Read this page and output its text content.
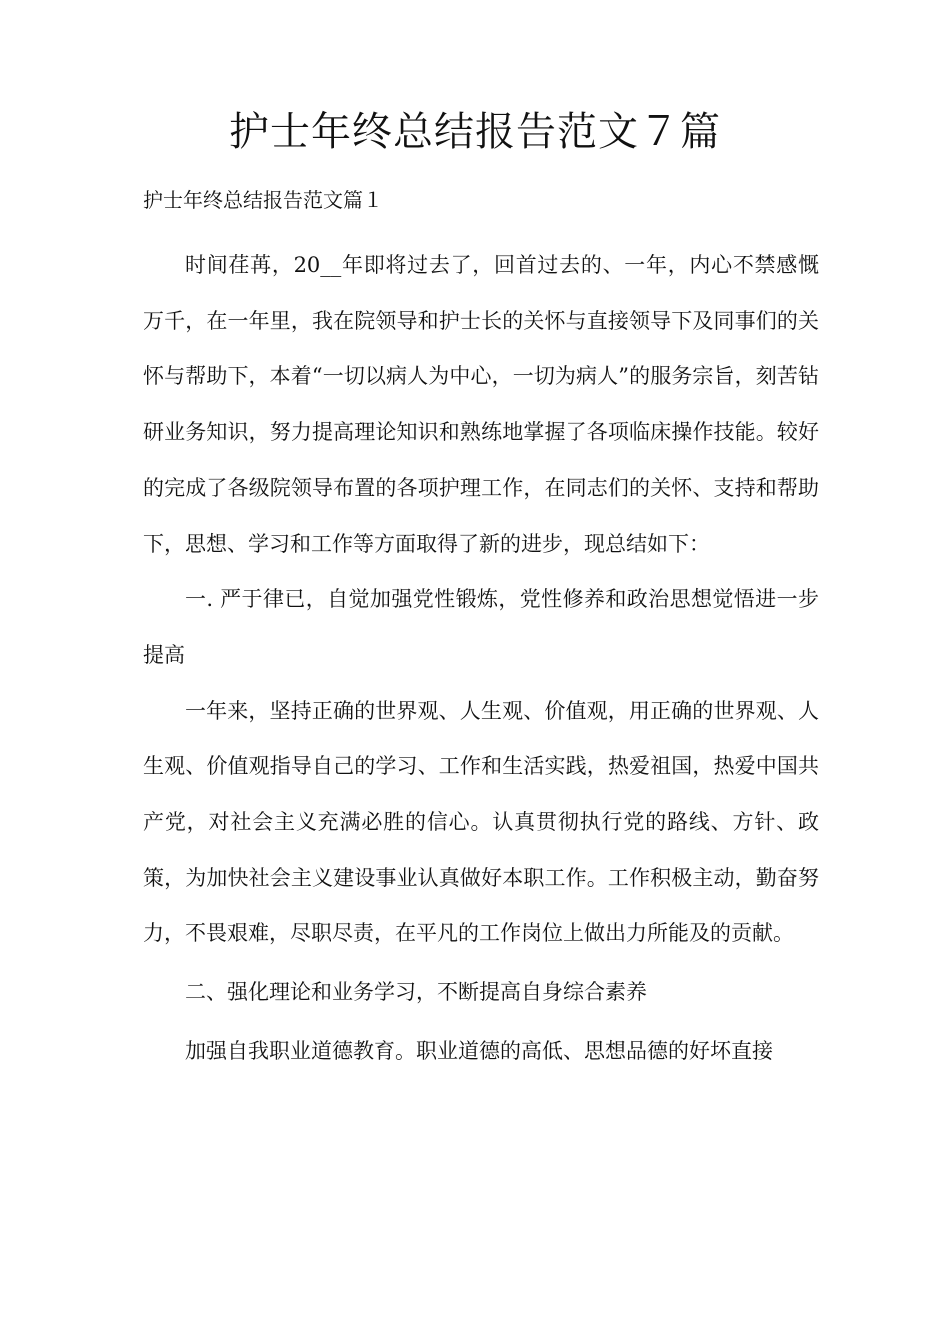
护士年终总结报告范文７篇

护士年终总结报告范文篇１

时间荏苒，20__年即将过去了，回首过去的、一年，内心不禁感慨万千，在一年里，我在院领导和护士长的关怀与直接领导下及同事们的关怀与帮助下，本着“一切以病人为中心，一切为病人”的服务宗旨，刻苦钻研业务知识，努力提高理论知识和熟练地掌握了各项临床操作技能。较好的完成了各级院领导布置的各项护理工作，在同志们的关怀、支持和帮助下，思想、学习和工作等方面取得了新的进步，现总结如下：

一. 严于律已，自觉加强党性锻炼，党性修养和政治思想觉悟进一步提高

一年来，坚持正确的世界观、人生观、价值观，用正确的世界观、人生观、价值观指导自己的学习、工作和生活实践，热爱祖国，热爱中国共产党，对社会主义充满必胜的信心。认真贯彻执行党的路线、方针、政策，为加快社会主义建设事业认真做好本职工作。工作积极主动，勤奋努力，不畏艰难，尽职尽责，在平凡的工作岗位上做出力所能及的贡献。

二、强化理论和业务学习，不断提高自身综合素养

加强自我职业道德教育。职业道德的高低、思想品德的好坏直接
